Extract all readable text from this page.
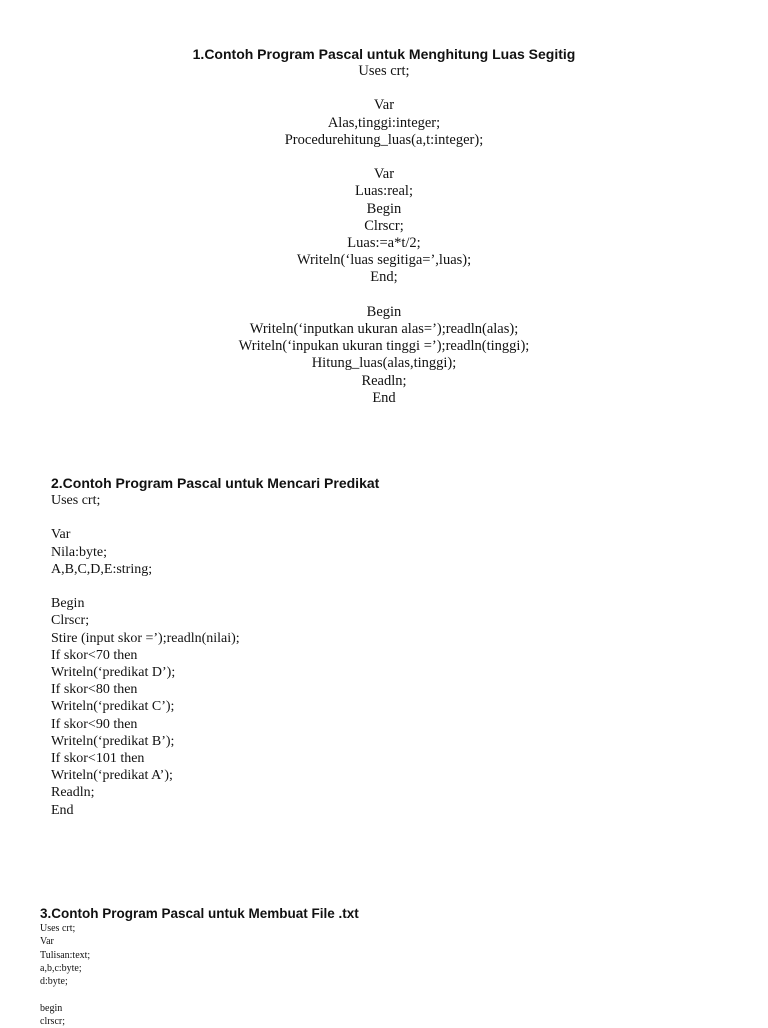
1.Contoh Program Pascal untuk Menghitung Luas Segitig
Uses crt;
Var
Alas,tinggi:integer;
Procedurehitung_luas(a,t:integer);
Var
Luas:real;
Begin
Clrscr;
Luas:=a*t/2;
Writeln(‘luas segitiga=’,luas);
End;
Begin
Writeln(‘inputkan ukuran alas=’);readln(alas);
Writeln(‘inpukan ukuran tinggi =’);readln(tinggi);
Hitung_luas(alas,tinggi);
Readln;
End
2.Contoh Program Pascal untuk Mencari Predikat
Uses crt;
Var
Nila:byte;
A,B,C,D,E:string;
Begin
Clrscr;
Stire (input skor =’);readln(nilai);
If skor<70 then
Writeln(‘predikat D’);
If skor<80 then
Writeln(‘predikat C’);
If skor<90 then
Writeln(‘predikat B’);
If skor<101 then
Writeln(‘predikat A’);
Readln;
End
3.Contoh Program Pascal untuk Membuat File .txt
Uses crt;
Var
Tulisan:text;
a,b,c:byte;
d:byte;
begin
clrscr;
